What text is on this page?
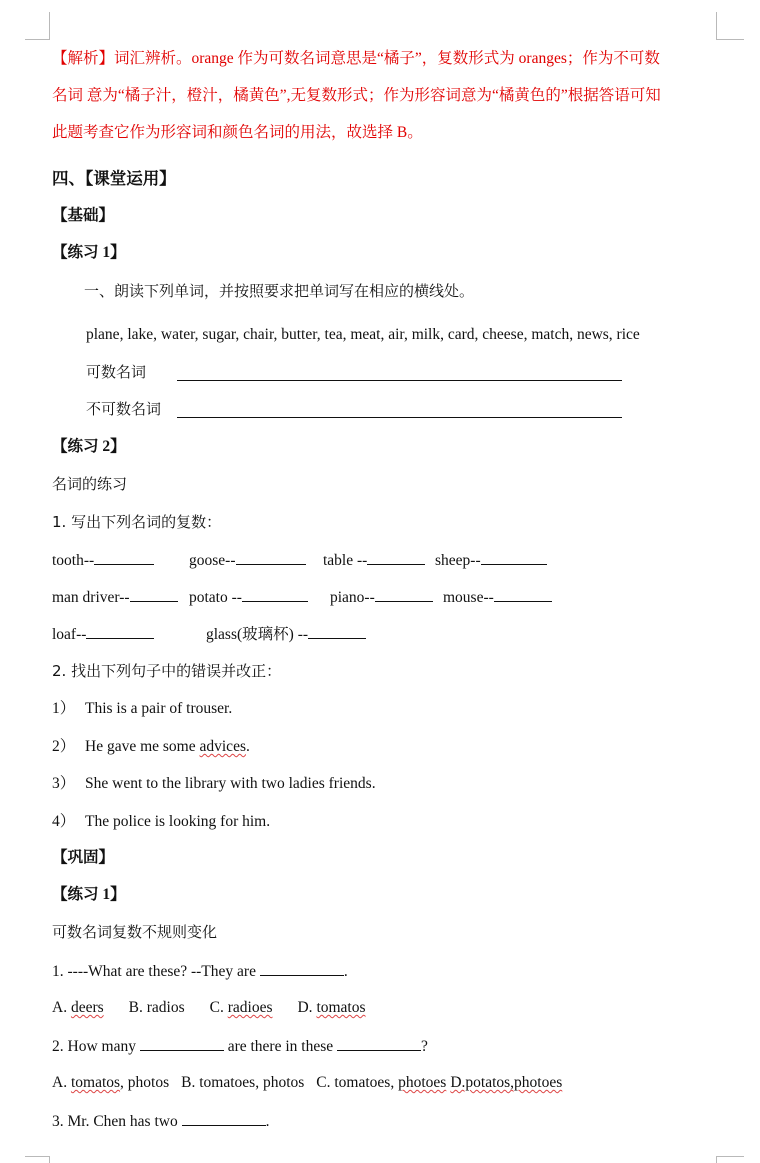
【解析】词汇辨析。orange 作为可数名词意思是“橘子”，复数形式为 oranges；作为不可数
名词 意为“橘子汁，橙汁，橘黄色”,无复数形式；作为形容词意为“橘黄色的”根据答语可知
此题考查它作为形容词和颜色名词的用法，故选择 B。
四、【课堂运用】
【基础】
【练习 1】
一、朗读下列单词，并按照要求把单词写在相应的横线处。
plane, lake, water, sugar, chair, butter, tea, meat, air, milk, card, cheese, match, news, rice
可数名词
不可数名词
【练习 2】
名词的练习
1. 写出下列名词的复数：
tooth--	goose--	table --	sheep--
man driver--	potato --	piano--	mouse--
loaf--	glass(玻璃杯) --
2. 找出下列句子中的错误并改正：
1） This is a pair of trouser.
2） He gave me some advices.
3） She went to the library with two ladies friends.
4） The police is looking for him.
【巩固】
【练习 1】
可数名词复数不规则变化
1. ----What are these? --They are	.
A. deers B. radios C. radioes D. tomatos
2. How many	are there in these	?
A. tomatos, photos B. tomatoes, photos C. tomatoes, photoes D.potatos,photoes
3. Mr. Chen has two	.
